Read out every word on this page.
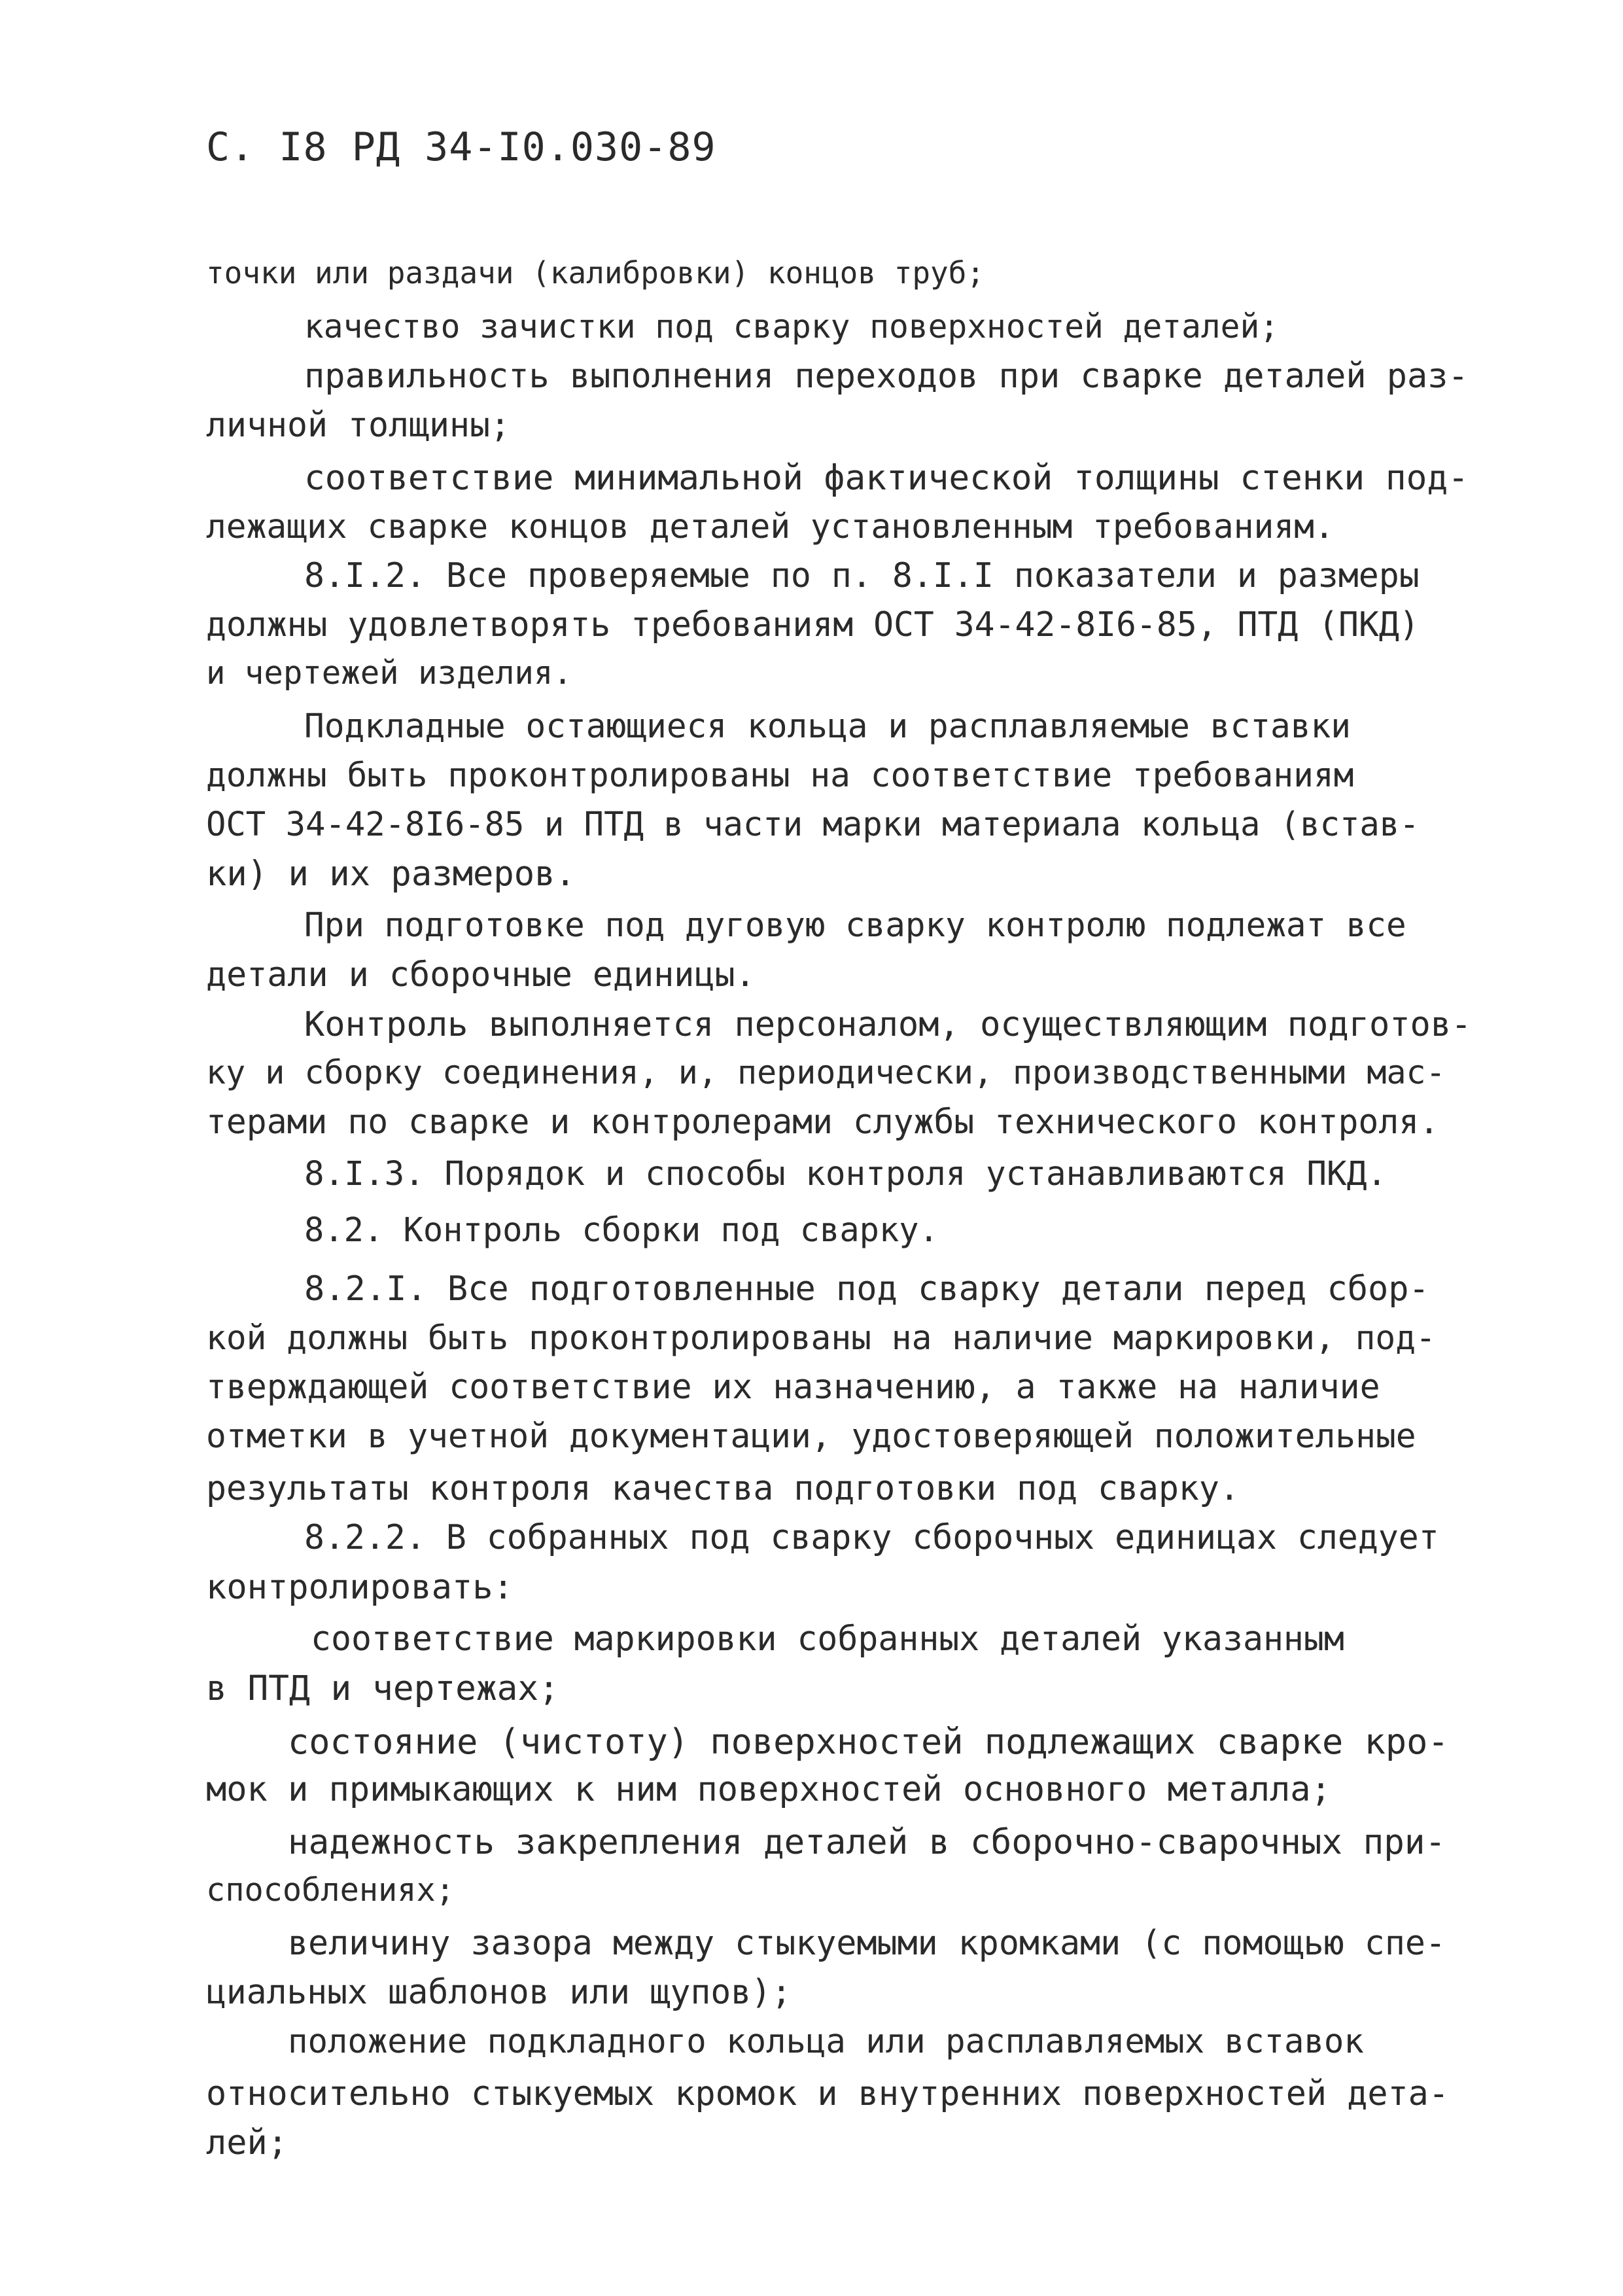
С. I8 РД 34-I0.030-89
точки или раздачи (калибровки) концов труб;
качество зачистки под сварку поверхностей деталей;
правильность выполнения переходов при сварке деталей раз-
личной толщины;
соответствие минимальной фактической толщины стенки под-
лежащих сварке концов деталей установленным требованиям.
8.I.2. Все проверяемые по п. 8.I.I показатели и размеры
должны удовлетворять требованиям ОСТ 34-42-8I6-85, ПТД (ПКД)
и чертежей изделия.
Подкладные остающиеся кольца и расплавляемые вставки
должны быть проконтролированы на соответствие требованиям
ОСТ 34-42-8I6-85 и ПТД в части марки материала кольца (встав-
ки) и их размеров.
При подготовке под дуговую сварку контролю подлежат все
детали и сборочные единицы.
Контроль выполняется персоналом, осуществляющим подготов-
ку и сборку соединения, и, периодически, производственными мас-
терами по сварке и контролерами службы технического контроля.
8.I.3. Порядок и способы контроля устанавливаются ПКД.
8.2. Контроль сборки под сварку.
8.2.I. Все подготовленные под сварку детали перед сбор-
кой должны быть проконтролированы на наличие маркировки, под-
тверждающей соответствие их назначению, а также на наличие
отметки в учетной документации, удостоверяющей положительные
результаты контроля качества подготовки под сварку.
8.2.2. В собранных под сварку сборочных единицах следует
контролировать:
соответствие маркировки собранных деталей указанным
в ПТД и чертежах;
состояние (чистоту) поверхностей подлежащих сварке кро-
мок и примыкающих к ним поверхностей основного металла;
надежность закрепления деталей в сборочно-сварочных при-
способлениях;
величину зазора между стыкуемыми кромками (с помощью спе-
циальных шаблонов или щупов);
положение подкладного кольца или расплавляемых вставок
относительно стыкуемых кромок и внутренних поверхностей дета-
лей;
